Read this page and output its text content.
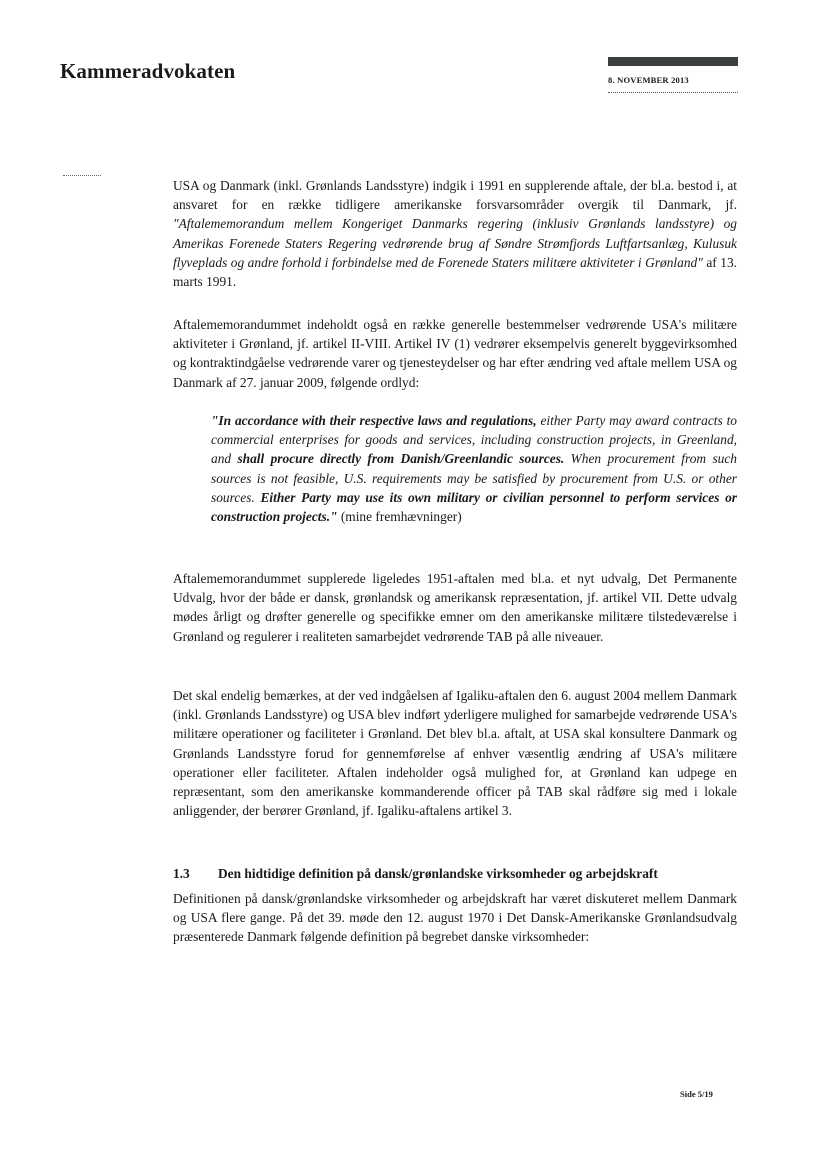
Kammeradvokaten	8. NOVEMBER 2013

USA og Danmark (inkl. Grønlands Landsstyre) indgik i 1991 en supplerende aftale, der bl.a. bestod i, at ansvaret for en række tidligere amerikanske forsvarsområder overgik til Danmark, jf. "Aftalememorandum mellem Kongeriget Danmarks regering (inklusiv Grønlands landsstyre) og Amerikas Forenede Staters Regering vedrørende brug af Søndre Strømfjords Luftfartsanlæg, Kulusuk flyveplads og andre forhold i forbindelse med de Forenede Staters militære aktiviteter i Grønland" af 13. marts 1991.

Aftalememorandummet indeholdt også en række generelle bestemmelser vedrørende USA's militære aktiviteter i Grønland, jf. artikel II-VIII. Artikel IV (1) vedrører eksempelvis generelt byggevirksomhed og kontraktindgåelse vedrørende varer og tjenesteydelser og har efter ændring ved aftale mellem USA og Danmark af 27. januar 2009, følgende ordlyd:

"In accordance with their respective laws and regulations, either Party may award contracts to commercial enterprises for goods and services, including construction projects, in Greenland, and shall procure directly from Danish/Greenlandic sources. When procurement from such sources is not feasible, U.S. requirements may be satisfied by procurement from U.S. or other sources. Either Party may use its own military or civilian personnel to perform services or construction projects." (mine fremhævninger)

Aftalememorandummet supplerede ligeledes 1951-aftalen med bl.a. et nyt udvalg, Det Permanente Udvalg, hvor der både er dansk, grønlandsk og amerikansk repræsentation, jf. artikel VII. Dette udvalg mødes årligt og drøfter generelle og specifikke emner om den amerikanske militære tilstedeværelse i Grønland og regulerer i realiteten samarbejdet vedrørende TAB på alle niveauer.

Det skal endelig bemærkes, at der ved indgåelsen af Igaliku-aftalen den 6. august 2004 mellem Danmark (inkl. Grønlands Landsstyre) og USA blev indført yderligere mulighed for samarbejde vedrørende USA's militære operationer og faciliteter i Grønland. Det blev bl.a. aftalt, at USA skal konsultere Danmark og Grønlands Landsstyre forud for gennemførelse af enhver væsentlig ændring af USA's militære operationer eller faciliteter. Aftalen indeholder også mulighed for, at Grønland kan udpege en repræsentant, som den amerikanske kommanderende officer på TAB skal rådføre sig med i lokale anliggender, der berører Grønland, jf. Igaliku-aftalens artikel 3.

1.3 Den hidtidige definition på dansk/grønlandske virksomheder og arbejdskraft

Definitionen på dansk/grønlandske virksomheder og arbejdskraft har været diskuteret mellem Danmark og USA flere gange. På det 39. møde den 12. august 1970 i Det Dansk-Amerikanske Grønlandsudvalg præsenterede Danmark følgende definition på begrebet danske virksomheder:

Side 5/19
